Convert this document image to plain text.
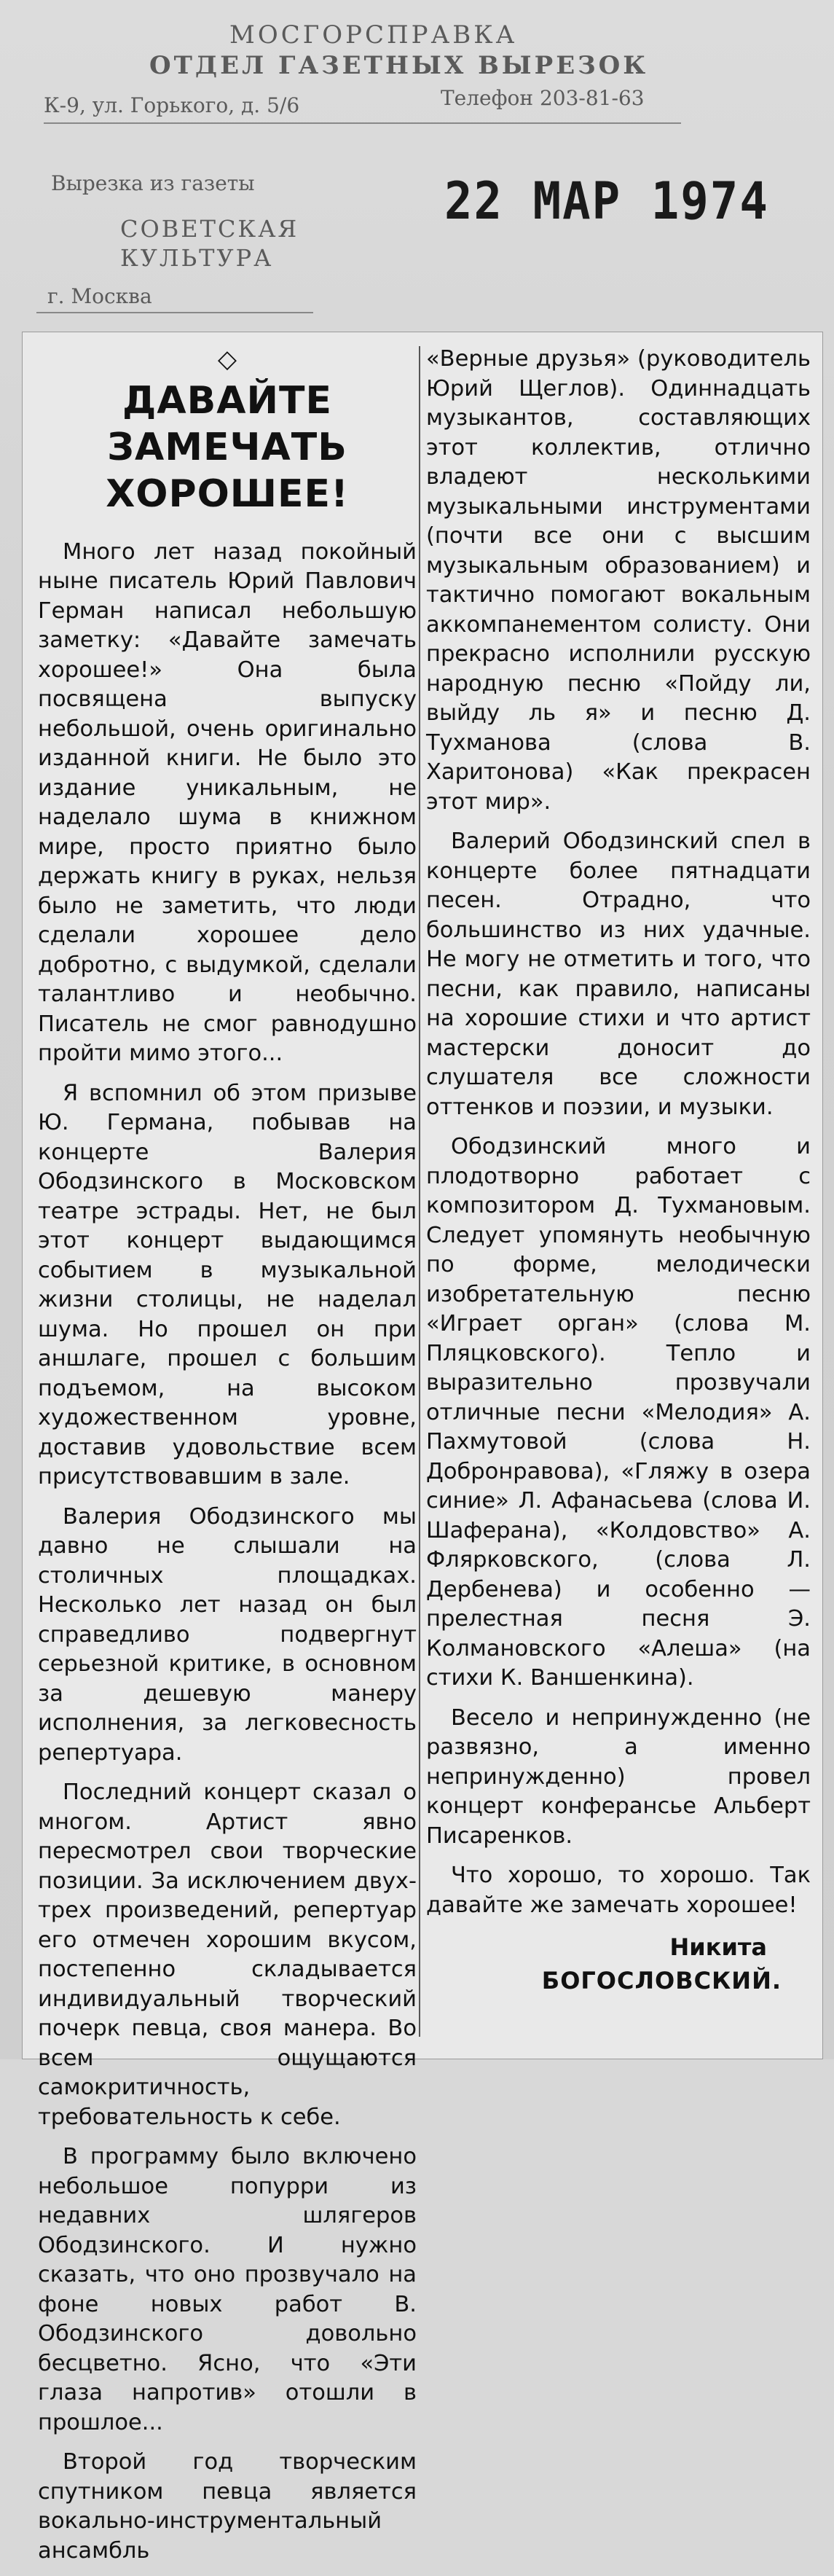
МОСГОРСПРАВКА
ОТДЕЛ ГАЗЕТНЫХ ВЫРЕЗОК
К-9, ул. Горького, д. 5/6	Телефон 203-81-63
Вырезка из газеты
СОВЕТСКАЯ
КУЛЬТУРА
г. Москва
22 МАР 1974
◇
ДАВАЙТЕ
ЗАМЕЧАТЬ
ХОРОШЕЕ!

Много лет назад покойный ныне писатель Юрий Павлович Герман написал небольшую заметку: «Давайте замечать хорошее!» Она была посвящена выпуску небольшой, очень оригинально изданной книги. Не было это издание уникальным, не наделало шума в книжном мире, просто приятно было держать книгу в руках, нельзя было не заметить, что люди сделали хорошее дело добротно, с выдумкой, сделали талантливо и необычно. Писатель не смог равнодушно пройти мимо этого...

Я вспомнил об этом призыве Ю. Германа, побывав на концерте Валерия Ободзинского в Московском театре эстрады. Нет, не был этот концерт выдающимся событием в музыкальной жизни столицы, не наделал шума. Но прошел он при аншлаге, прошел с большим подъемом, на высоком художественном уровне, доставив удовольствие всем присутствовавшим в зале.

Валерия Ободзинского мы давно не слышали на столичных площадках. Несколько лет назад он был справедливо подвергнут серьезной критике, в основном за дешевую манеру исполнения, за легковесность репертуара.

Последний концерт сказал о многом. Артист явно пересмотрел свои творческие позиции. За исключением двух-трех произведений, репертуар его отмечен хорошим вкусом, постепенно складывается индивидуальный творческий почерк певца, своя манера. Во всем ощущаются самокритичность, требовательность к себе.

В программу было включено небольшое попурри из недавних шлягеров Ободзинского. И нужно сказать, что оно прозвучало на фоне новых работ В. Ободзинского довольно бесцветно. Ясно, что «Эти глаза напротив» отошли в прошлое...

Второй год творческим спутником певца является вокально-инструментальный ансамбль

«Верные друзья» (руководитель Юрий Щеглов). Одиннадцать музыкантов, составляющих этот коллектив, отлично владеют несколькими музыкальными инструментами (почти все они с высшим музыкальным образованием) и тактично помогают вокальным аккомпанементом солисту. Они прекрасно исполнили русскую народную песню «Пойду ли, выйду ль я» и песню Д. Тухманова (слова В. Харитонова) «Как прекрасен этот мир».

Валерий Ободзинский спел в концерте более пятнадцати песен. Отрадно, что большинство из них удачные. Не могу не отметить и того, что песни, как правило, написаны на хорошие стихи и что артист мастерски доносит до слушателя все сложности оттенков и поэзии, и музыки.

Ободзинский много и плодотворно работает с композитором Д. Тухмановым. Следует упомянуть необычную по форме, мелодически изобретательную песню «Играет орган» (слова М. Пляцковского). Тепло и выразительно прозвучали отличные песни «Мелодия» А. Пахмутовой (слова Н. Добронравова), «Гляжу в озера синие» Л. Афанасьева (слова И. Шаферана), «Колдовство» А. Флярковского, (слова Л. Дербенева) и особенно — прелестная песня Э. Колмановского «Алеша» (на стихи К. Ваншенкина).

Весело и непринужденно (не развязно, а именно непринужденно) провел концерт конферансье Альберт Писаренков.

Что хорошо, то хорошо. Так давайте же замечать хорошее!

Никита
БОГОСЛОВСКИЙ.
